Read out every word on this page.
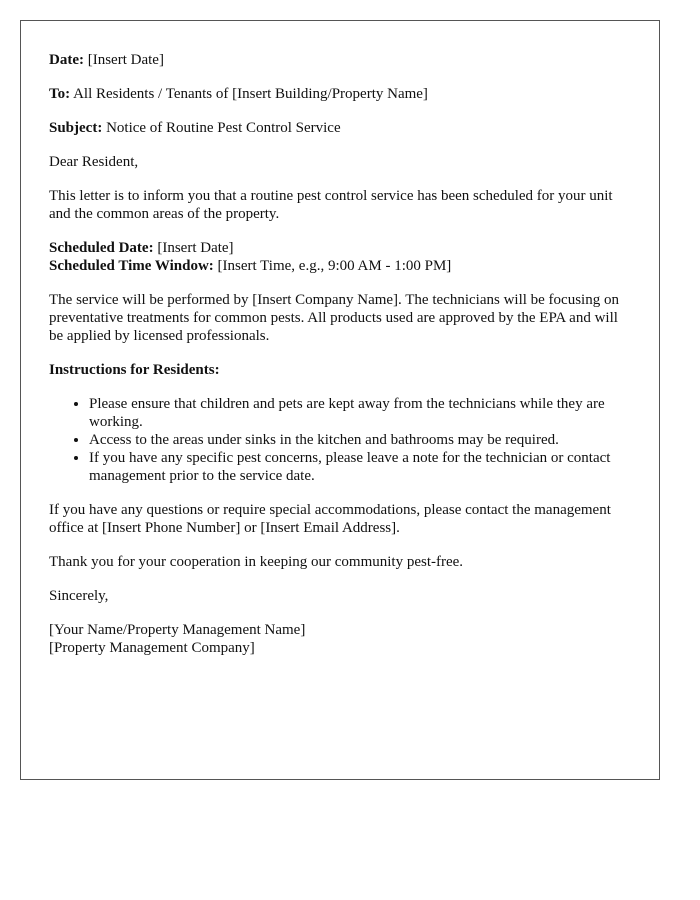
Date: [Insert Date]

To: All Residents / Tenants of [Insert Building/Property Name]

Subject: Notice of Routine Pest Control Service

Dear Resident,

This letter is to inform you that a routine pest control service has been scheduled for your unit and the common areas of the property.

Scheduled Date: [Insert Date]

Scheduled Time Window: [Insert Time, e.g., 9:00 AM - 1:00 PM]

The service will be performed by [Insert Company Name]. The technicians will be focusing on preventative treatments for common pests. All products used are approved by the EPA and will be applied by licensed professionals.

Instructions for Residents:

• Please ensure that children and pets are kept away from the technicians while they are working.
• Access to the areas under sinks in the kitchen and bathrooms may be required.
• If you have any specific pest concerns, please leave a note for the technician or contact management prior to the service date.

If you have any questions or require special accommodations, please contact the management office at [Insert Phone Number] or [Insert Email Address].

Thank you for your cooperation in keeping our community pest-free.

Sincerely,

[Your Name/Property Management Name]

[Property Management Company]
